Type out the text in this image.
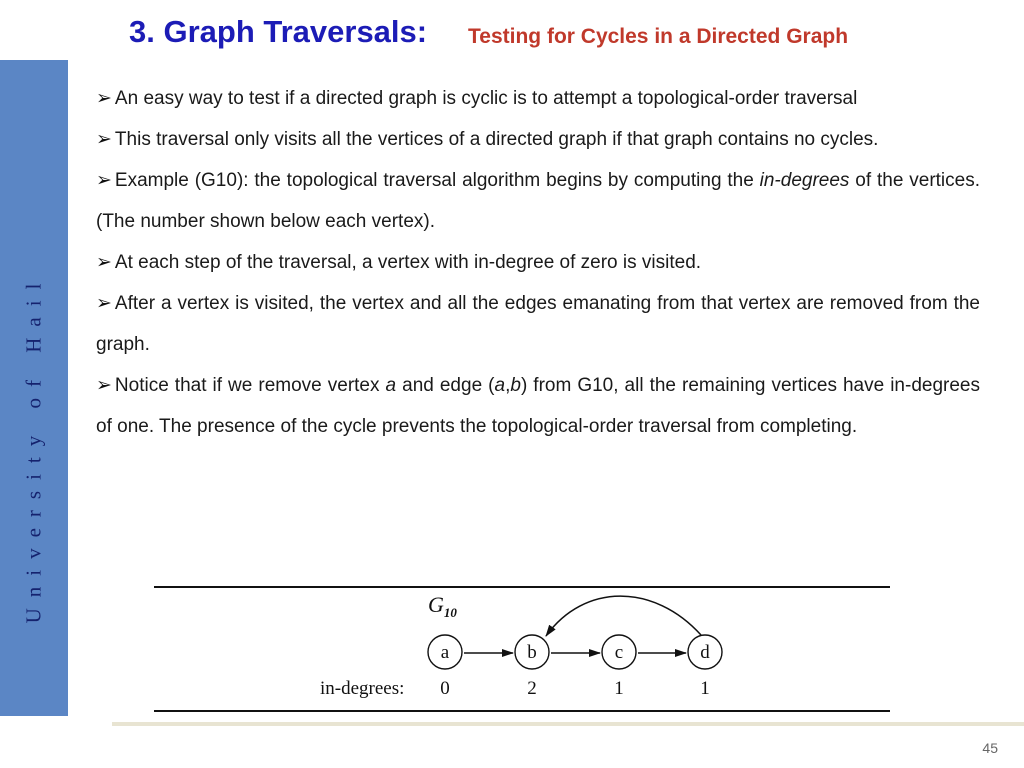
3. Graph Traversals: Testing for Cycles in a Directed Graph
University of Hail

➢ An easy way to test if a directed graph is cyclic is to attempt a topological-order traversal

➢ This traversal only visits all the vertices of a directed graph if that graph contains no cycles.

➢ Example (G10): the topological traversal algorithm begins by computing the in-degrees of the vertices. (The number shown below each vertex).

➢ At each step of the traversal, a vertex with in-degree of zero is visited.

➢ After a vertex is visited, the vertex and all the edges emanating from that vertex are removed from the graph.

➢ Notice that if we remove vertex a and edge (a,b) from G10, all the remaining vertices have in-degrees of one. The presence of the cycle prevents the topological-order traversal from completing.

$G_{10}$
a	b	c	d
in-degrees: 0	2	1	1
45
